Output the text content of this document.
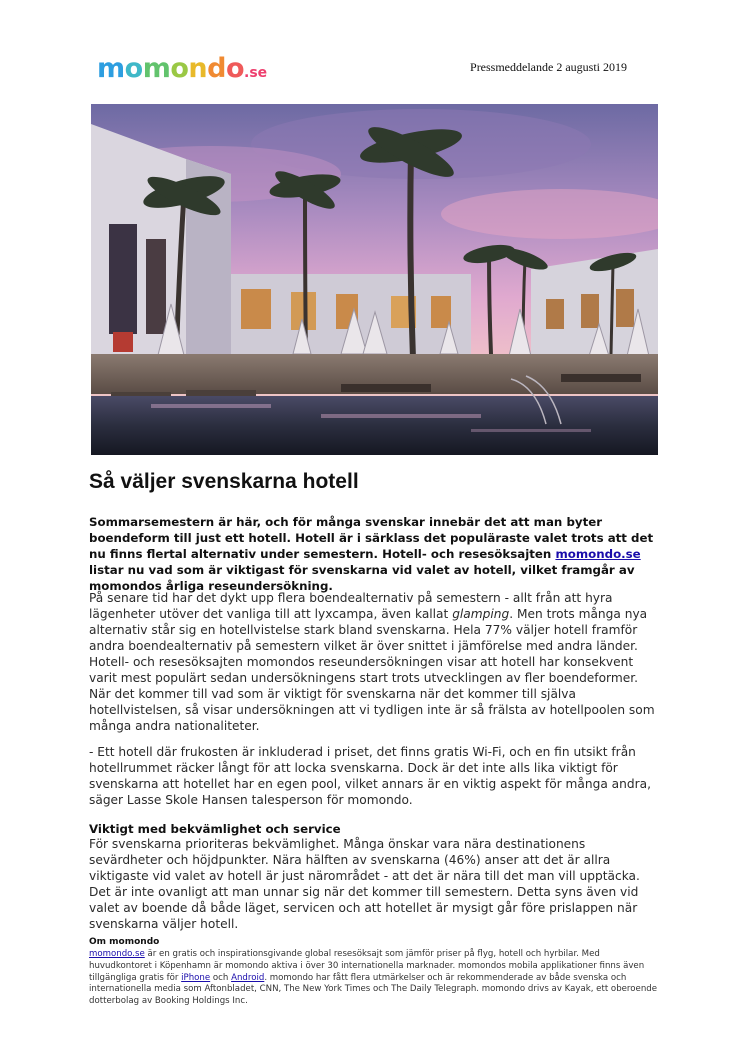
momondo.se	Pressmeddelande 2 augusti 2019
Så väljer svenskarna hotell

Sommarsemestern är här, och för många svenskar innebär det att man byter boendeform till just ett hotell. Hotell är i särklass det populäraste valet trots att det nu finns flertal alternativ under semestern. Hotell- och resesöksajten momondo.se listar nu vad som är viktigast för svenskarna vid valet av hotell, vilket framgår av momondos årliga reseundersökning.

På senare tid har det dykt upp flera boendealternativ på semestern - allt från att hyra lägenheter utöver det vanliga till att lyxcampa, även kallat glamping. Men trots många nya alternativ står sig en hotellvistelse stark bland svenskarna. Hela 77% väljer hotell framför andra boendealternativ på semestern vilket är över snittet i jämförelse med andra länder. Hotell- och resesöksajten momondos reseundersökningen visar att hotell har konsekvent varit mest populärt sedan undersökningens start trots utvecklingen av fler boendeformer. När det kommer till vad som är viktigt för svenskarna när det kommer till själva hotellvistelsen, så visar undersökningen att vi tydligen inte är så frälsta av hotellpoolen som många andra nationaliteter.

- Ett hotell där frukosten är inkluderad i priset, det finns gratis Wi-Fi, och en fin utsikt från hotellrummet räcker långt för att locka svenskarna. Dock är det inte alls lika viktigt för svenskarna att hotellet har en egen pool, vilket annars är en viktig aspekt för många andra, säger Lasse Skole Hansen talesperson för momondo.

Viktigt med bekvämlighet och service

För svenskarna prioriteras bekvämlighet. Många önskar vara nära destinationens sevärdheter och höjdpunkter. Nära hälften av svenskarna (46%) anser att det är allra viktigaste vid valet av hotell är just närområdet - att det är nära till det man vill upptäcka. Det är inte ovanligt att man unnar sig när det kommer till semestern. Detta syns även vid valet av boende då både läget, servicen och att hotellet är mysigt går före prislappen när svenskarna väljer hotell.

Om momondo

momondo.se är en gratis och inspirationsgivande global resesöksajt som jämför priser på flyg, hotell och hyrbilar. Med huvudkontoret i Köpenhamn är momondo aktiva i över 30 internationella marknader. momondos mobila applikationer finns även tillgängliga gratis för iPhone och Android. momondo har fått flera utmärkelser och är rekommenderade av både svenska och internationella media som Aftonbladet, CNN, The New York Times och The Daily Telegraph. momondo drivs av Kayak, ett oberoende dotterbolag av Booking Holdings Inc.
